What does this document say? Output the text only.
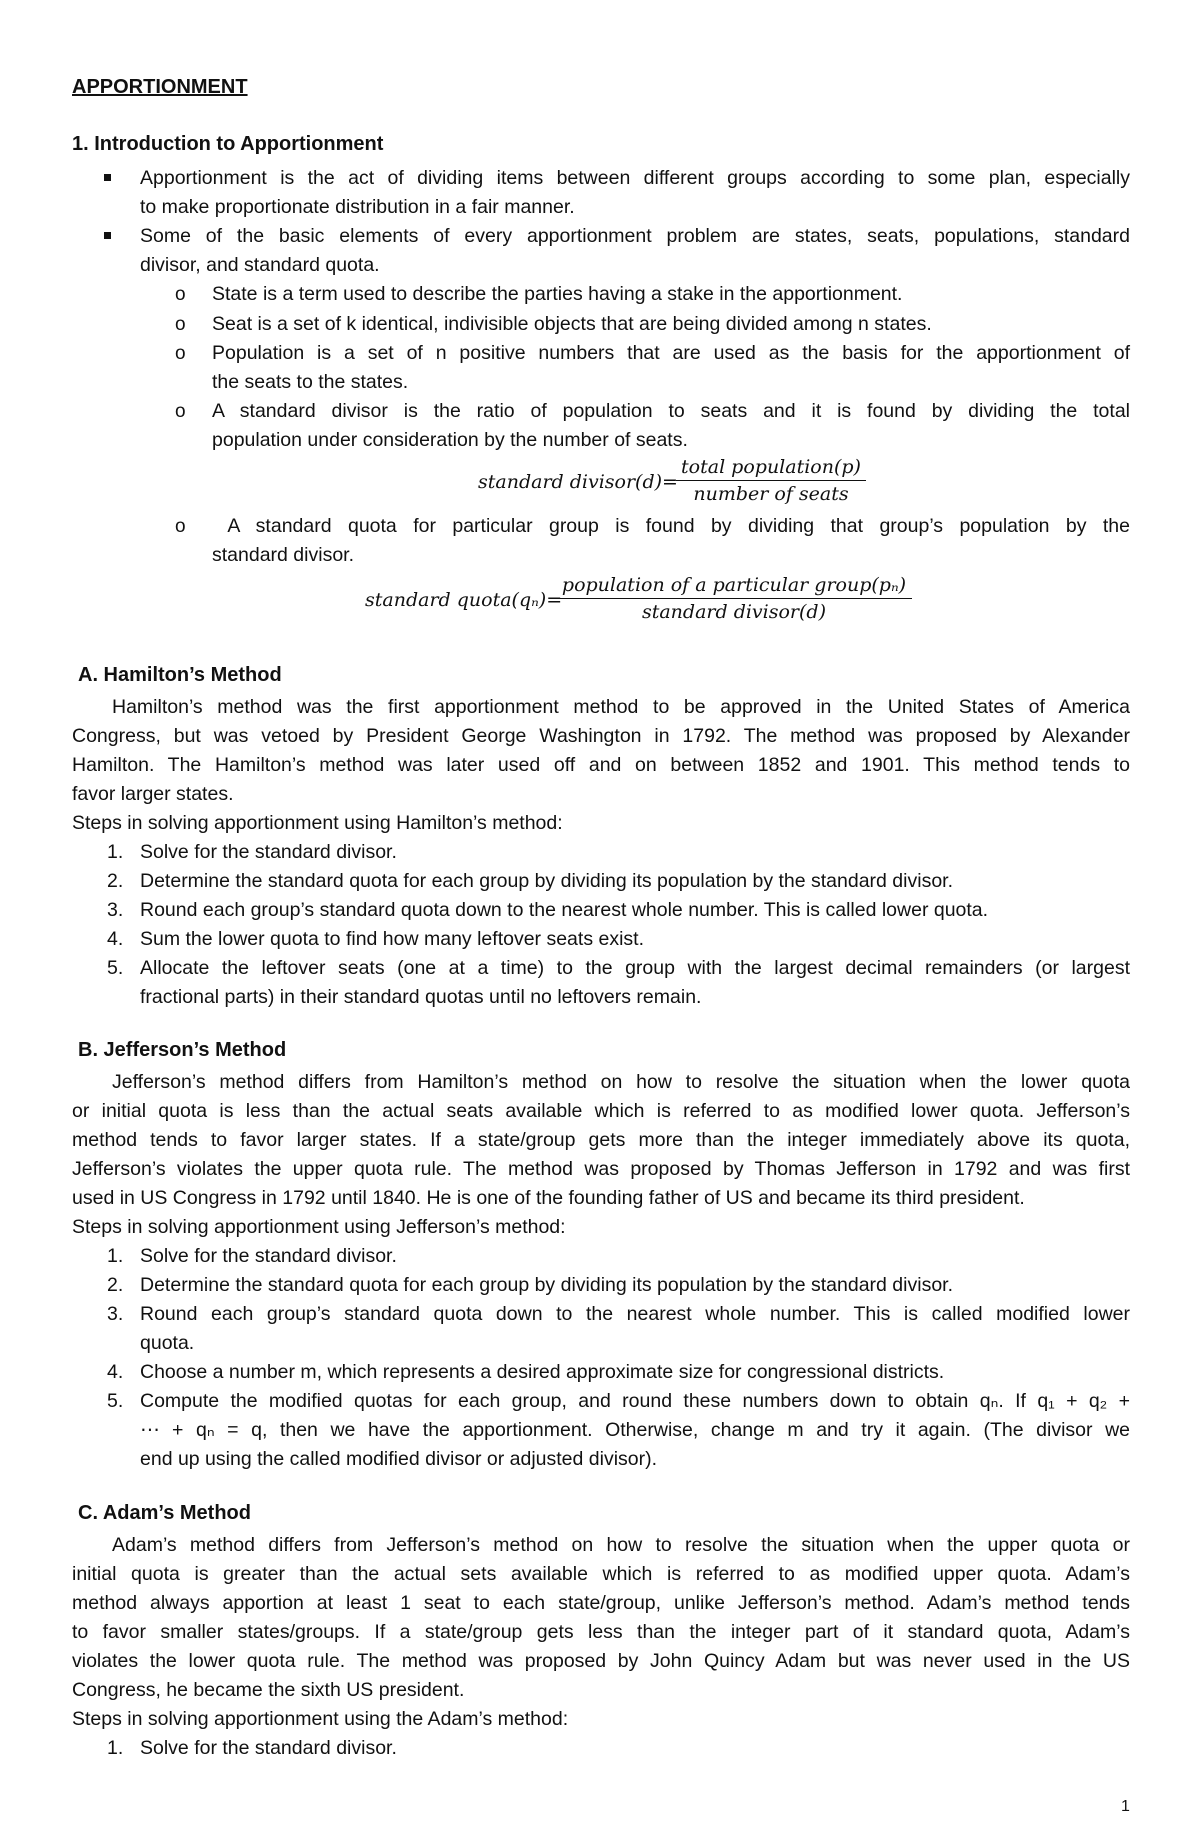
APPORTIONMENT
1. Introduction to Apportionment
Apportionment is the act of dividing items between different groups according to some plan, especially
to make proportionate distribution in a fair manner.
Some of the basic elements of every apportionment problem are states, seats, populations, standard
divisor, and standard quota.
o State is a term used to describe the parties having a stake in the apportionment.
o Seat is a set of k identical, indivisible objects that are being divided among n states.
o Population is a set of n positive numbers that are used as the basis for the apportionment of
the seats to the states.
o A standard divisor is the ratio of population to seats and it is found by dividing the total
population under consideration by the number of seats.
standard divisor(d)=
total population(p)
number of seats
o A standard quota for particular group is found by dividing that group’s population by the
standard divisor.
standard quota(qₙ)=
population of a particular group(pₙ)
standard divisor(d)
A. Hamilton’s Method
Hamilton’s method was the first apportionment method to be approved in the United States of America
Congress, but was vetoed by President George Washington in 1792. The method was proposed by Alexander
Hamilton. The Hamilton’s method was later used off and on between 1852 and 1901. This method tends to
favor larger states.
Steps in solving apportionment using Hamilton’s method:
1. Solve for the standard divisor.
2. Determine the standard quota for each group by dividing its population by the standard divisor.
3. Round each group’s standard quota down to the nearest whole number. This is called lower quota.
4. Sum the lower quota to find how many leftover seats exist.
5. Allocate the leftover seats (one at a time) to the group with the largest decimal remainders (or largest
fractional parts) in their standard quotas until no leftovers remain.
B. Jefferson’s Method
Jefferson’s method differs from Hamilton’s method on how to resolve the situation when the lower quota
or initial quota is less than the actual seats available which is referred to as modified lower quota. Jefferson’s
method tends to favor larger states. If a state/group gets more than the integer immediately above its quota,
Jefferson’s violates the upper quota rule. The method was proposed by Thomas Jefferson in 1792 and was first
used in US Congress in 1792 until 1840. He is one of the founding father of US and became its third president.
Steps in solving apportionment using Jefferson’s method:
1. Solve for the standard divisor.
2. Determine the standard quota for each group by dividing its population by the standard divisor.
3. Round each group’s standard quota down to the nearest whole number. This is called modified lower
quota.
4. Choose a number m, which represents a desired approximate size for congressional districts.
5. Compute the modified quotas for each group, and round these numbers down to obtain qₙ. If q₁ + q₂ +
⋯ + qₙ = q, then we have the apportionment. Otherwise, change m and try it again. (The divisor we
end up using the called modified divisor or adjusted divisor).
C. Adam’s Method
Adam’s method differs from Jefferson’s method on how to resolve the situation when the upper quota or
initial quota is greater than the actual sets available which is referred to as modified upper quota. Adam’s
method always apportion at least 1 seat to each state/group, unlike Jefferson’s method. Adam’s method tends
to favor smaller states/groups. If a state/group gets less than the integer part of it standard quota, Adam’s
violates the lower quota rule. The method was proposed by John Quincy Adam but was never used in the US
Congress, he became the sixth US president.
Steps in solving apportionment using the Adam’s method:
1. Solve for the standard divisor.
1
